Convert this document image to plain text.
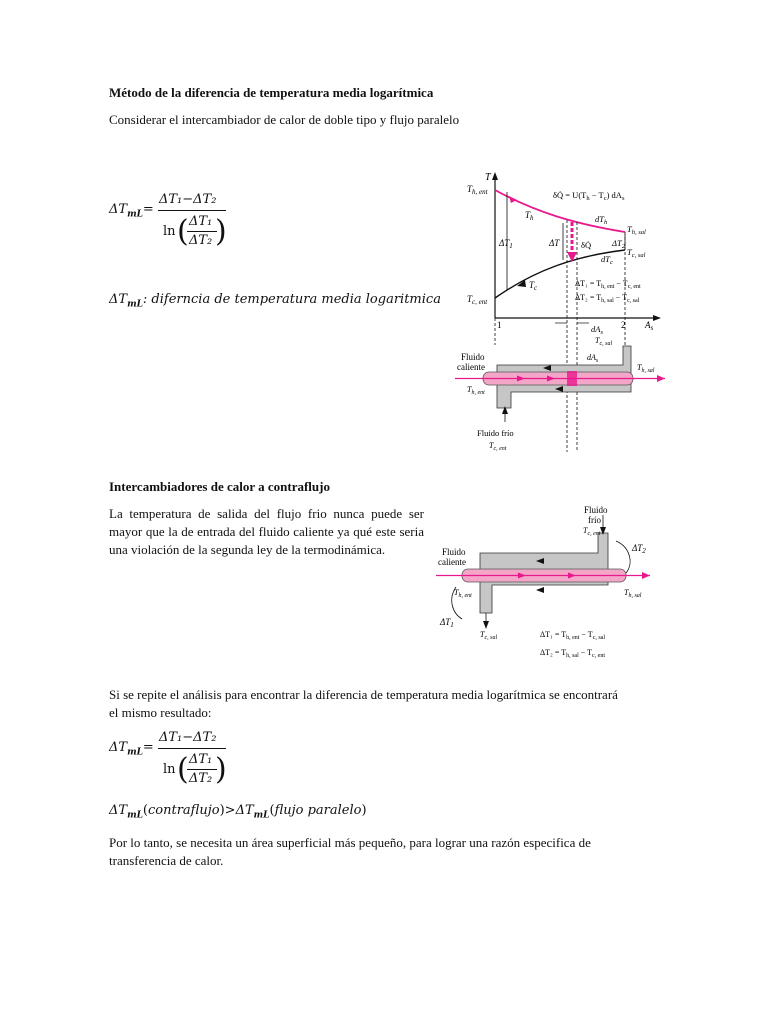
Método de la diferencia de temperatura media logarítmica
Considerar el intercambiador de calor de doble tipo y flujo paralelo
$\Delta T_{mL}=$
ΔT₁−ΔT₂
ln ( ΔT₁
ΔT₂ )
$\Delta T_{mL}$: diferncia de temperatura media logaritmica
T
$T_{h, ent}$
$T_h$
δQ̇ = $U(T_h - T_c)$ $dA_s$
$dT_h$
$T_{h, sal}$
$\Delta T_1$	ΔT	δQ̇ $\Delta T_2$
$T_{c, sal}$
$dT_c$
$T_c$	$\Delta T_1 = T_{h, ent} - T_{c, ent}$
$\Delta T_2 = T_{h, sal} - T_{c, sal}$
$T_{c, ent}$
1	2 $A_s$
$dA_s$
$T_{c, sal}$
Fluido
caliente
$dA_s$
$T_{h, sal}$
$T_{h, ent}$
Fluido frío
$T_{c, ent}$
Intercambiadores de calor a contraflujo
La temperatura de salida del flujo frio nunca puede ser mayor que la de entrada del fluido caliente ya qué este seria una violación de la segunda ley de la termodinámica.
Fluido
frío
$T_{c, ent}$
$\Delta T_2$
Fluido
caliente
$T_{h, ent}$	$T_{h, sal}$
$\Delta T_1$
$T_{c, sal}$	$\Delta T_1 = T_{h, ent} - T_{c, sal}$
$\Delta T_2 = T_{h, sal} - T_{c, ent}$
Si se repite el análisis para encontrar la diferencia de temperatura media logarítmica se encontrará el mismo resultado:
$\Delta T_{mL}=$
ΔT₁−ΔT₂
ln ( ΔT₁
ΔT₂ )
$\Delta T_{mL}(contraflujo)>\Delta T_{mL}(flujo$ paralelo)
Por lo tanto, se necesita un área superficial más pequeño, para lograr una razón especifica de transferencia de calor.
